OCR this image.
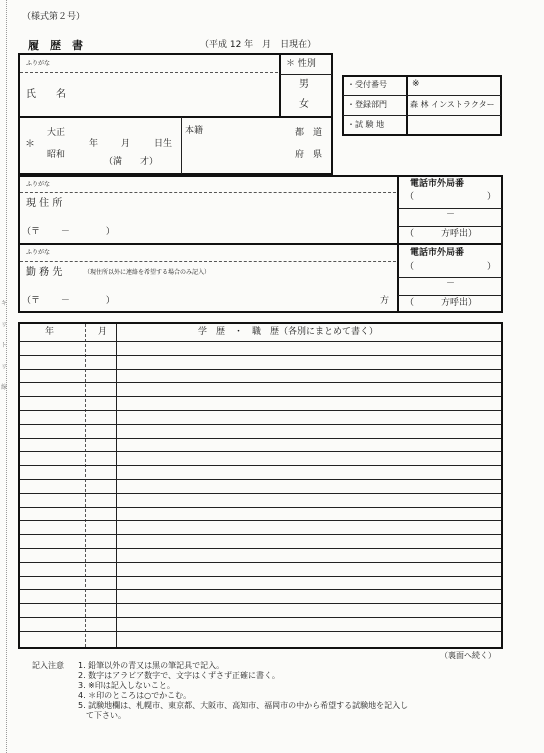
キ
リ
ト
リ
線
（様式第２号）
履　歴　書	（平成 12 年　月　日現在）
ふりがな
氏　　名
＊ 性別
男
女
＊
大正
昭和
年	月	日生
（満　　才）
本籍	都　道
府　県
・受付番号	※
・登録部門	森 林 インストラクター
・試 験 地
ふりがな
現 住 所
（〒　　 －　　　　）
電話市外局番
（	）
－
（　　　方呼出）
ふりがな
勤 務 先	（現住所以外に連絡を希望する場合のみ記入）
（〒　　 －　　　　）	方
電話市外局番
（	）
－
（　　　方呼出）
年	月	学　歴　・　職　歴（各別にまとめて書く）
（裏面へ続く）
記入注意 1. 鉛筆以外の青又は黒の筆記具で記入。
2. 数字はアラビア数字で、文字はくずさず正確に書く。
3. ※印は記入しないこと。
4. ＊印のところは○でかこむ。
5. 試験地欄は、札幌市、東京都、大阪市、高知市、福岡市の中から希望する試験地を記入し
　て下さい。
